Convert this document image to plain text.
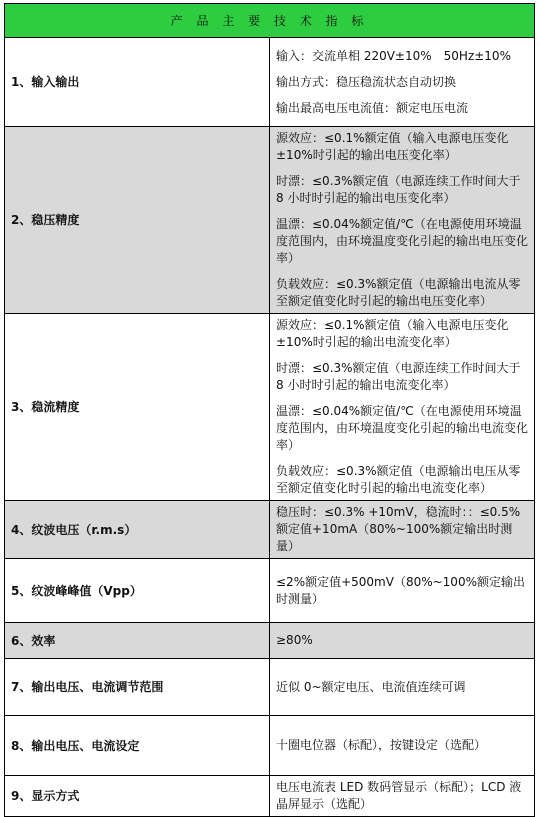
产 品 主 要 技 术 指 标	
1、输入输出	输入：交流单相 220V±10%　50Hz±10%

输出方式：稳压稳流状态自动切换

输出最高电压电流值：额定电压电流

2、稳压精度	源效应：≤0.1%额定值（输入电源电压变化±10%时引起的输出电压变化率）

时漂：≤0.3%额定值（电源连续工作时间大于 8 小时时引起的输出电压变化率）

温漂：≤0.04%额定值/℃（在电源使用环境温度范围内，由环境温度变化引起的输出电压变化率）

负载效应：≤0.3%额定值（电源输出电流从零至额定值变化时引起的输出电压变化率）

3、稳流精度	源效应：≤0.1%额定值（输入电源电压变化±10%时引起的输出电流变化率）

时漂：≤0.3%额定值（电源连续工作时间大于 8 小时时引起的输出电流变化率）

温漂：≤0.04%额定值/℃（在电源使用环境温度范围内，由环境温度变化引起的输出电流变化率）

负载效应：≤0.3%额定值（电源输出电压从零至额定值变化时引起的输出电流变化率）

4、纹波电压（r.m.s）	稳压时：≤0.3% +10mV，稳流时：：≤0.5%额定值+10mA（80%~100%额定输出时测量）

5、纹波峰峰值（Vpp）	≤2%额定值+500mV（80%~100%额定输出时测量）

6、效率	≥80%

7、输出电压、电流调节范围	近似 0~额定电压、电流值连续可调

8、输出电压、电流设定	十圈电位器（标配），按键设定（选配）

9、显示方式	电压电流表 LED 数码管显示（标配）；LCD 液晶屏显示（选配）
